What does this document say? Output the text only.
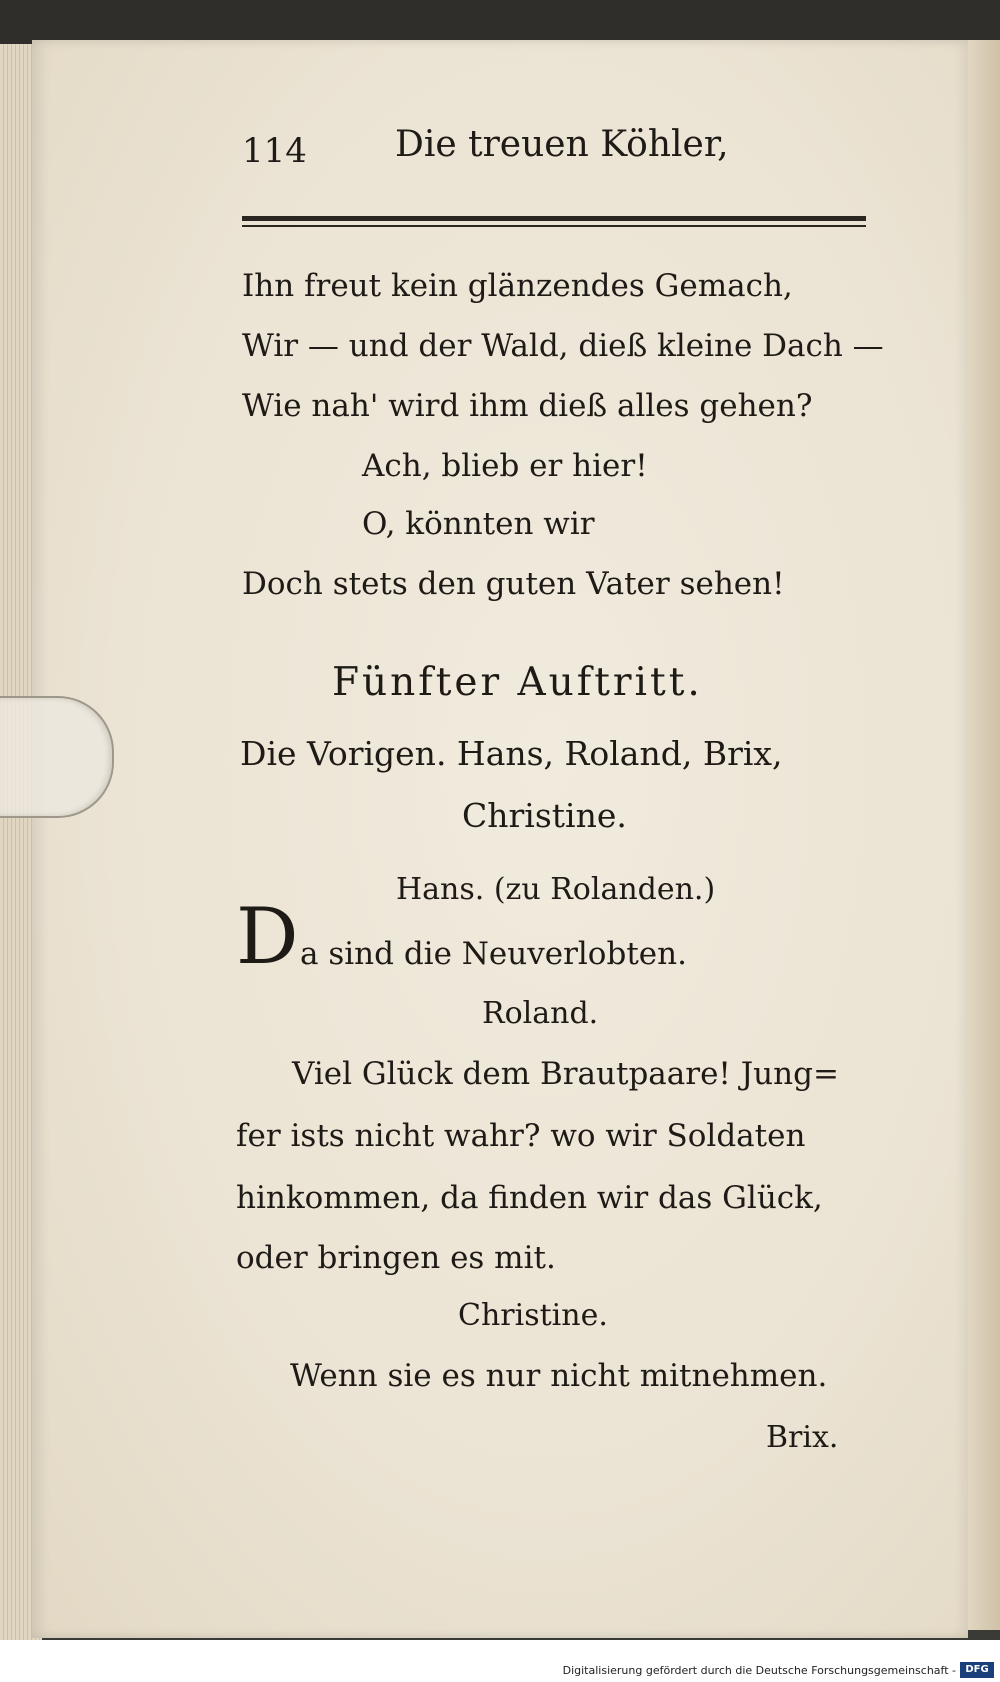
114 Die treuen Köhler,
Ihn freut kein glänzendes Gemach,
Wir — und der Wald, dieß kleine Dach —
Wie nah' wird ihm dieß alles gehen?
Ach, blieb er hier!
O, könnten wir
Doch stets den guten Vater sehen!
Fünfter Auftritt.
Die Vorigen. Hans, Roland, Brix,
Christine.
Hans. (zu Rolanden.)
D a sind die Neuverlobten.
Roland.
Viel Glück dem Brautpaare! Jung=
fer ists nicht wahr? wo wir Soldaten
hinkommen, da finden wir das Glück,
oder bringen es mit.
Christine.
Wenn sie es nur nicht mitnehmen.
Brix.
Digitalisierung gefördert durch die Deutsche Forschungsgemeinschaft - DFG
